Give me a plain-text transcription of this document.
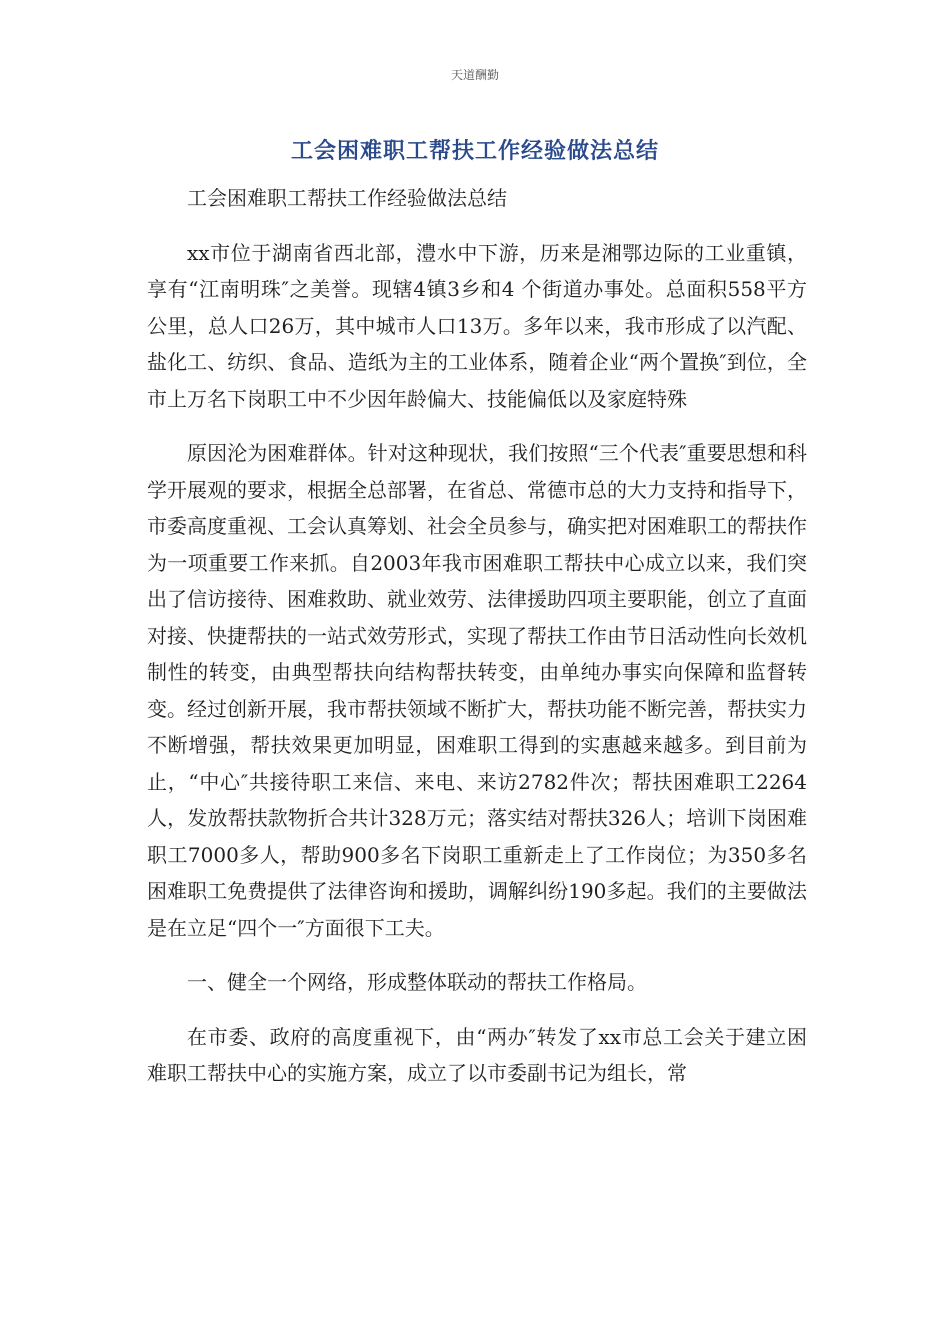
天道酬勤
工会困难职工帮扶工作经验做法总结

工会困难职工帮扶工作经验做法总结

xx市位于湖南省西北部，澧水中下游，历来是湘鄂边际的工业重镇，享有“江南明珠″之美誉。现辖4镇3乡和4 个街道办事处。总面积558平方公里，总人口26万，其中城市人口13万。多年以来，我市形成了以汽配、盐化工、纺织、食品、造纸为主的工业体系，随着企业“两个置换″到位，全市上万名下岗职工中不少因年龄偏大、技能偏低以及家庭特殊

原因沦为困难群体。针对这种现状，我们按照“三个代表″重要思想和科学开展观的要求，根据全总部署，在省总、常德市总的大力支持和指导下，市委高度重视、工会认真筹划、社会全员参与，确实把对困难职工的帮扶作为一项重要工作来抓。自2003年我市困难职工帮扶中心成立以来，我们突出了信访接待、困难救助、就业效劳、法律援助四项主要职能，创立了直面对接、快捷帮扶的一站式效劳形式，实现了帮扶工作由节日活动性向长效机制性的转变，由典型帮扶向结构帮扶转变，由单纯办事实向保障和监督转变。经过创新开展，我市帮扶领域不断扩大，帮扶功能不断完善，帮扶实力不断增强，帮扶效果更加明显，困难职工得到的实惠越来越多。到目前为止，“中心″共接待职工来信、来电、来访2782件次；帮扶困难职工2264人，发放帮扶款物折合共计328万元；落实结对帮扶326人；培训下岗困难职工7000多人，帮助900多名下岗职工重新走上了工作岗位；为350多名困难职工免费提供了法律咨询和援助，调解纠纷190多起。我们的主要做法是在立足“四个一″方面很下工夫。

一、健全一个网络，形成整体联动的帮扶工作格局。

在市委、政府的高度重视下，由“两办″转发了xx市总工会关于建立困难职工帮扶中心的实施方案，成立了以市委副书记为组长，常
